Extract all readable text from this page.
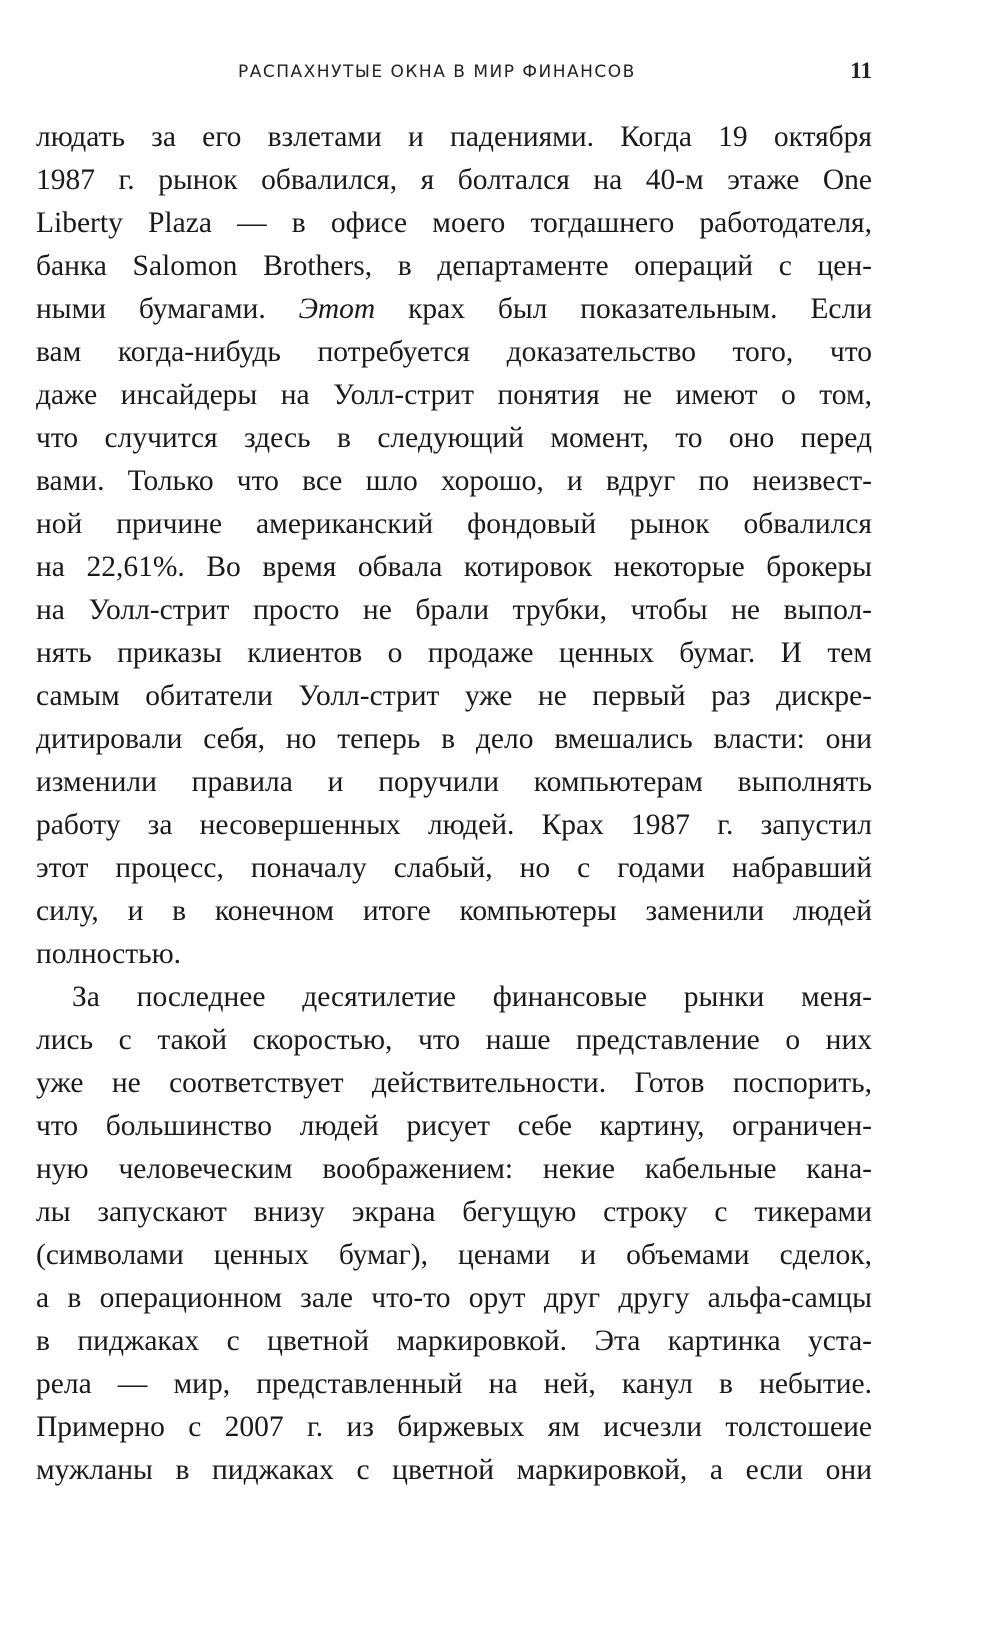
РАСПАХНУТЫЕ ОКНА В МИР ФИНАНСОВ	11
людать за его взлетами и падениями. Когда 19 октября
1987 г. рынок обвалился, я болтался на 40-м этаже One
Liberty Plaza — в офисе моего тогдашнего работодателя,
банка Salomon Brothers, в департаменте операций с цен-
ными бумагами. Этот крах был показательным. Если
вам когда-нибудь потребуется доказательство того, что
даже инсайдеры на Уолл-стрит понятия не имеют о том,
что случится здесь в следующий момент, то оно перед
вами. Только что все шло хорошо, и вдруг по неизвест-
ной причине американский фондовый рынок обвалился
на 22,61%. Во время обвала котировок некоторые брокеры
на Уолл-стрит просто не брали трубки, чтобы не выпол-
нять приказы клиентов о продаже ценных бумаг. И тем
самым обитатели Уолл-стрит уже не первый раз дискре-
дитировали себя, но теперь в дело вмешались власти: они
изменили правила и поручили компьютерам выполнять
работу за несовершенных людей. Крах 1987 г. запустил
этот процесс, поначалу слабый, но с годами набравший
силу, и в конечном итоге компьютеры заменили людей
полностью.
За последнее десятилетие финансовые рынки меня-
лись с такой скоростью, что наше представление о них
уже не соответствует действительности. Готов поспорить,
что большинство людей рисует себе картину, ограничен-
ную человеческим воображением: некие кабельные кана-
лы запускают внизу экрана бегущую строку с тикерами
(символами ценных бумаг), ценами и объемами сделок,
а в операционном зале что-то орут друг другу альфа-самцы
в пиджаках с цветной маркировкой. Эта картинка уста-
рела — мир, представленный на ней, канул в небытие.
Примерно с 2007 г. из биржевых ям исчезли толстошеие
мужланы в пиджаках с цветной маркировкой, а если они
